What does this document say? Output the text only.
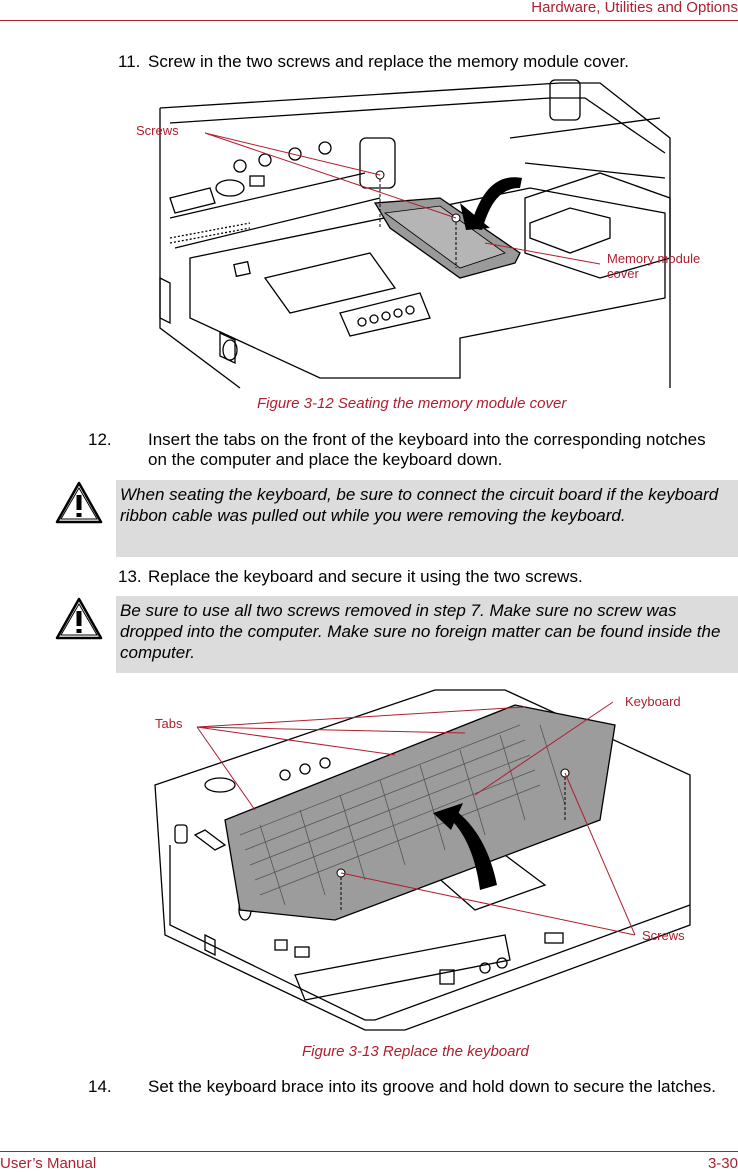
Hardware, Utilities and Options
11. Screw in the two screws and replace the memory module cover.
Screws
Memory module
cover
Figure 3-12 Seating the memory module cover
12. Insert the tabs on the front of the keyboard into the corresponding notches on the computer and place the keyboard down.
When seating the keyboard, be sure to connect the circuit board if the keyboard ribbon cable was pulled out while you were removing the keyboard.
13. Replace the keyboard and secure it using the two screws.
Be sure to use all two screws removed in step 7. Make sure no screw was dropped into the computer. Make sure no foreign matter can be found inside the computer.
Tabs
Keyboard
Screws
Figure 3-13 Replace the keyboard
14. Set the keyboard brace into its groove and hold down to secure the latches.
User’s Manual	3-30
